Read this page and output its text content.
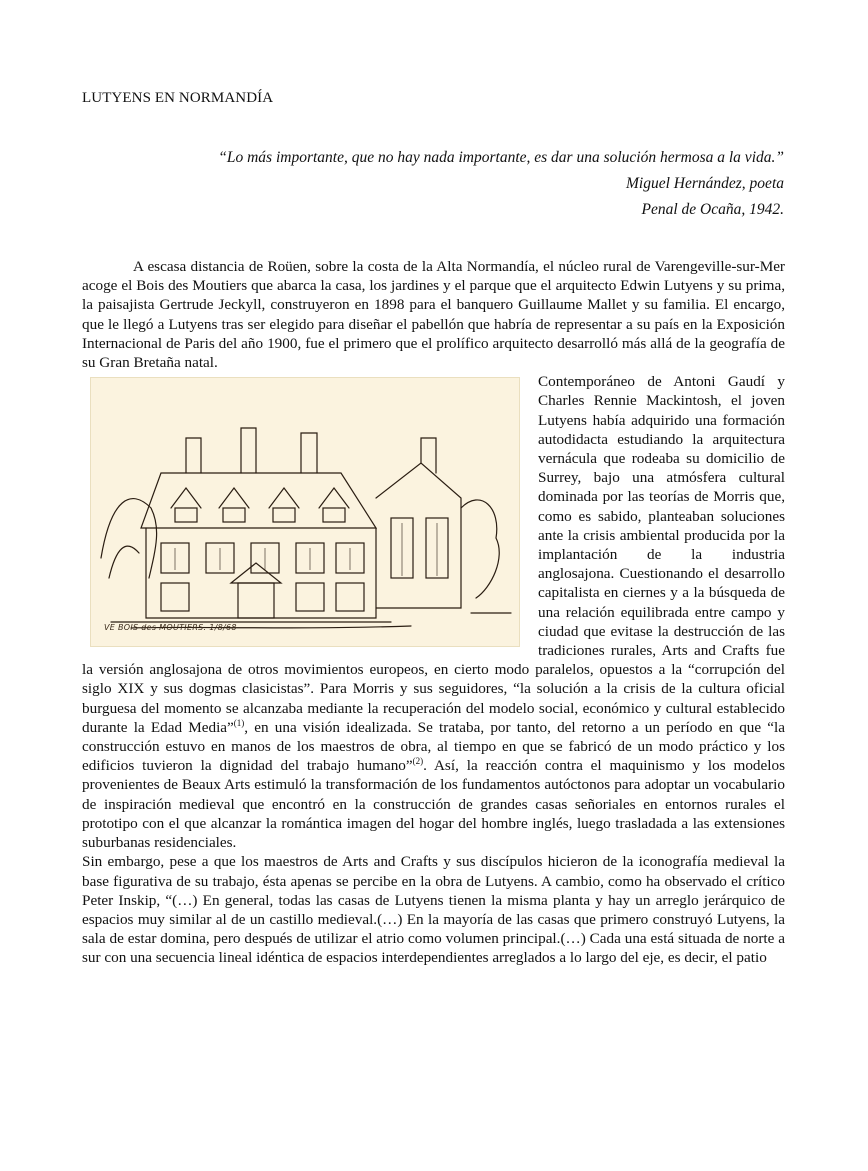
LUTYENS EN NORMANDÍA
“Lo más importante, que no hay nada importante, es dar una solución hermosa a la vida.”
Miguel Hernández, poeta
Penal de Ocaña, 1942.

A escasa distancia de Roüen, sobre la costa de la Alta Normandía, el núcleo rural de Varengeville-sur-Mer acoge el Bois des Moutiers que abarca la casa, los jardines y el parque que el arquitecto Edwin Lutyens y su prima, la paisajista Gertrude Jeckyll, construyeron en 1898 para el banquero Guillaume Mallet y su familia. El encargo, que le llegó a Lutyens tras ser elegido para diseñar el pabellón que habría de representar a su país en la Exposición Internacional de Paris del año 1900, fue el primero que el prolífico arquitecto desarrolló más allá de la geografía de su Gran Bretaña natal.

VE BOIS des MOUTIERS. 1/8/68

Contemporáneo de Antoni Gaudí y Charles Rennie Mackintosh, el joven Lutyens había adquirido una formación autodidacta estudiando la arquitectura vernácula que rodeaba su domicilio de Surrey, bajo una atmósfera cultural dominada por las teorías de Morris que, como es sabido, planteaban soluciones ante la crisis ambiental producida por la implantación de la industria anglosajona. Cuestionando el desarrollo capitalista en ciernes y a la búsqueda de una relación equilibrada entre campo y ciudad que evitase la destrucción de las tradiciones rurales, Arts and Crafts fue la versión anglosajona de otros movimientos europeos, en cierto modo paralelos, opuestos a la “corrupción del siglo XIX y sus dogmas clasicistas”. Para Morris y sus seguidores, “la solución a la crisis de la cultura oficial burguesa del momento se alcanzaba mediante la recuperación del modelo social, económico y cultural establecido durante la Edad Media”$^{(1)}$, en una visión idealizada. Se trataba, por tanto, del retorno a un período en que “la construcción estuvo en manos de los maestros de obra, al tiempo en que se fabricó de un modo práctico y los edificios tuvieron la dignidad del trabajo humano”$^{(2)}$. Así, la reacción contra el maquinismo y los modelos provenientes de Beaux Arts estimuló la transformación de los fundamentos autóctonos para adoptar un vocabulario de inspiración medieval que encontró en la construcción de grandes casas señoriales en entornos rurales el prototipo con el que alcanzar la romántica imagen del hogar del hombre inglés, luego trasladada a las extensiones suburbanas residenciales.

Sin embargo, pese a que los maestros de Arts and Crafts y sus discípulos hicieron de la iconografía medieval la base figurativa de su trabajo, ésta apenas se percibe en la obra de Lutyens. A cambio, como ha observado el crítico Peter Inskip, “(…) En general, todas las casas de Lutyens tienen la misma planta y hay un arreglo jerárquico de espacios muy similar al de un castillo medieval.(…) En la mayoría de las casas que primero construyó Lutyens, la sala de estar domina, pero después de utilizar el atrio como volumen principal.(…) Cada una está situada de norte a sur con una secuencia lineal idéntica de espacios interdependientes arreglados a lo largo del eje, es decir, el patio
